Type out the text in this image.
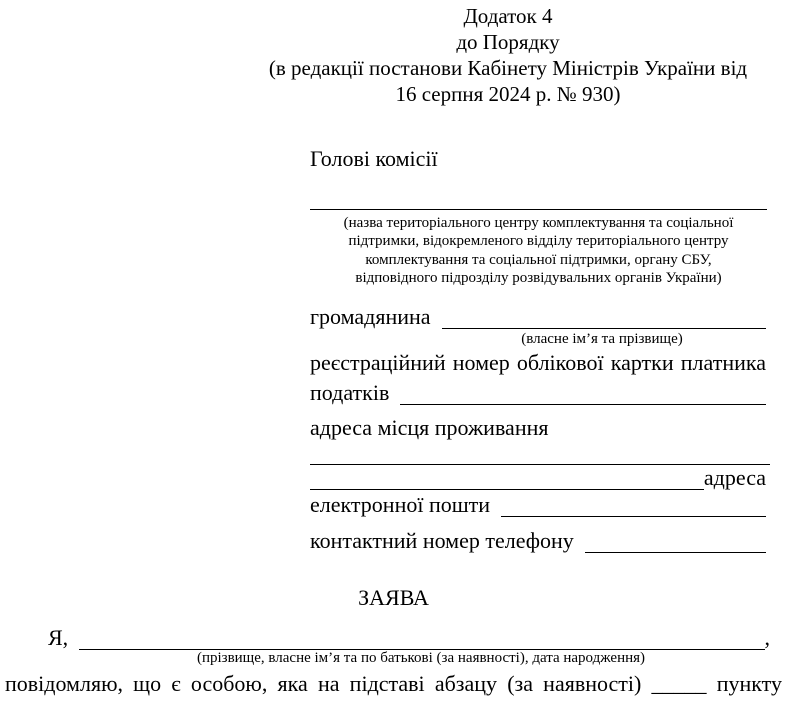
Додаток 4
до Порядку
(в редакції постанови Кабінету Міністрів України від
16 серпня 2024 р. № 930)
Голові комісії
(назва територіального центру комплектування та соціальної
підтримки, відокремленого відділу територіального центру
комплектування та соціальної підтримки, органу СБУ,
відповідного підрозділу розвідувальних органів України)
громадянина
(власне ім’я та прізвище)
реєстраційний номер облікової картки платника
податків
адреса місця проживання
адреса
електронної пошти
контактний номер телефону
ЗАЯВА
Я,	,
(прізвище, власне ім’я та по батькові (за наявності), дата народження)
повідомляю, що є особою, яка на підставі абзацу (за наявності) _____ пункту
